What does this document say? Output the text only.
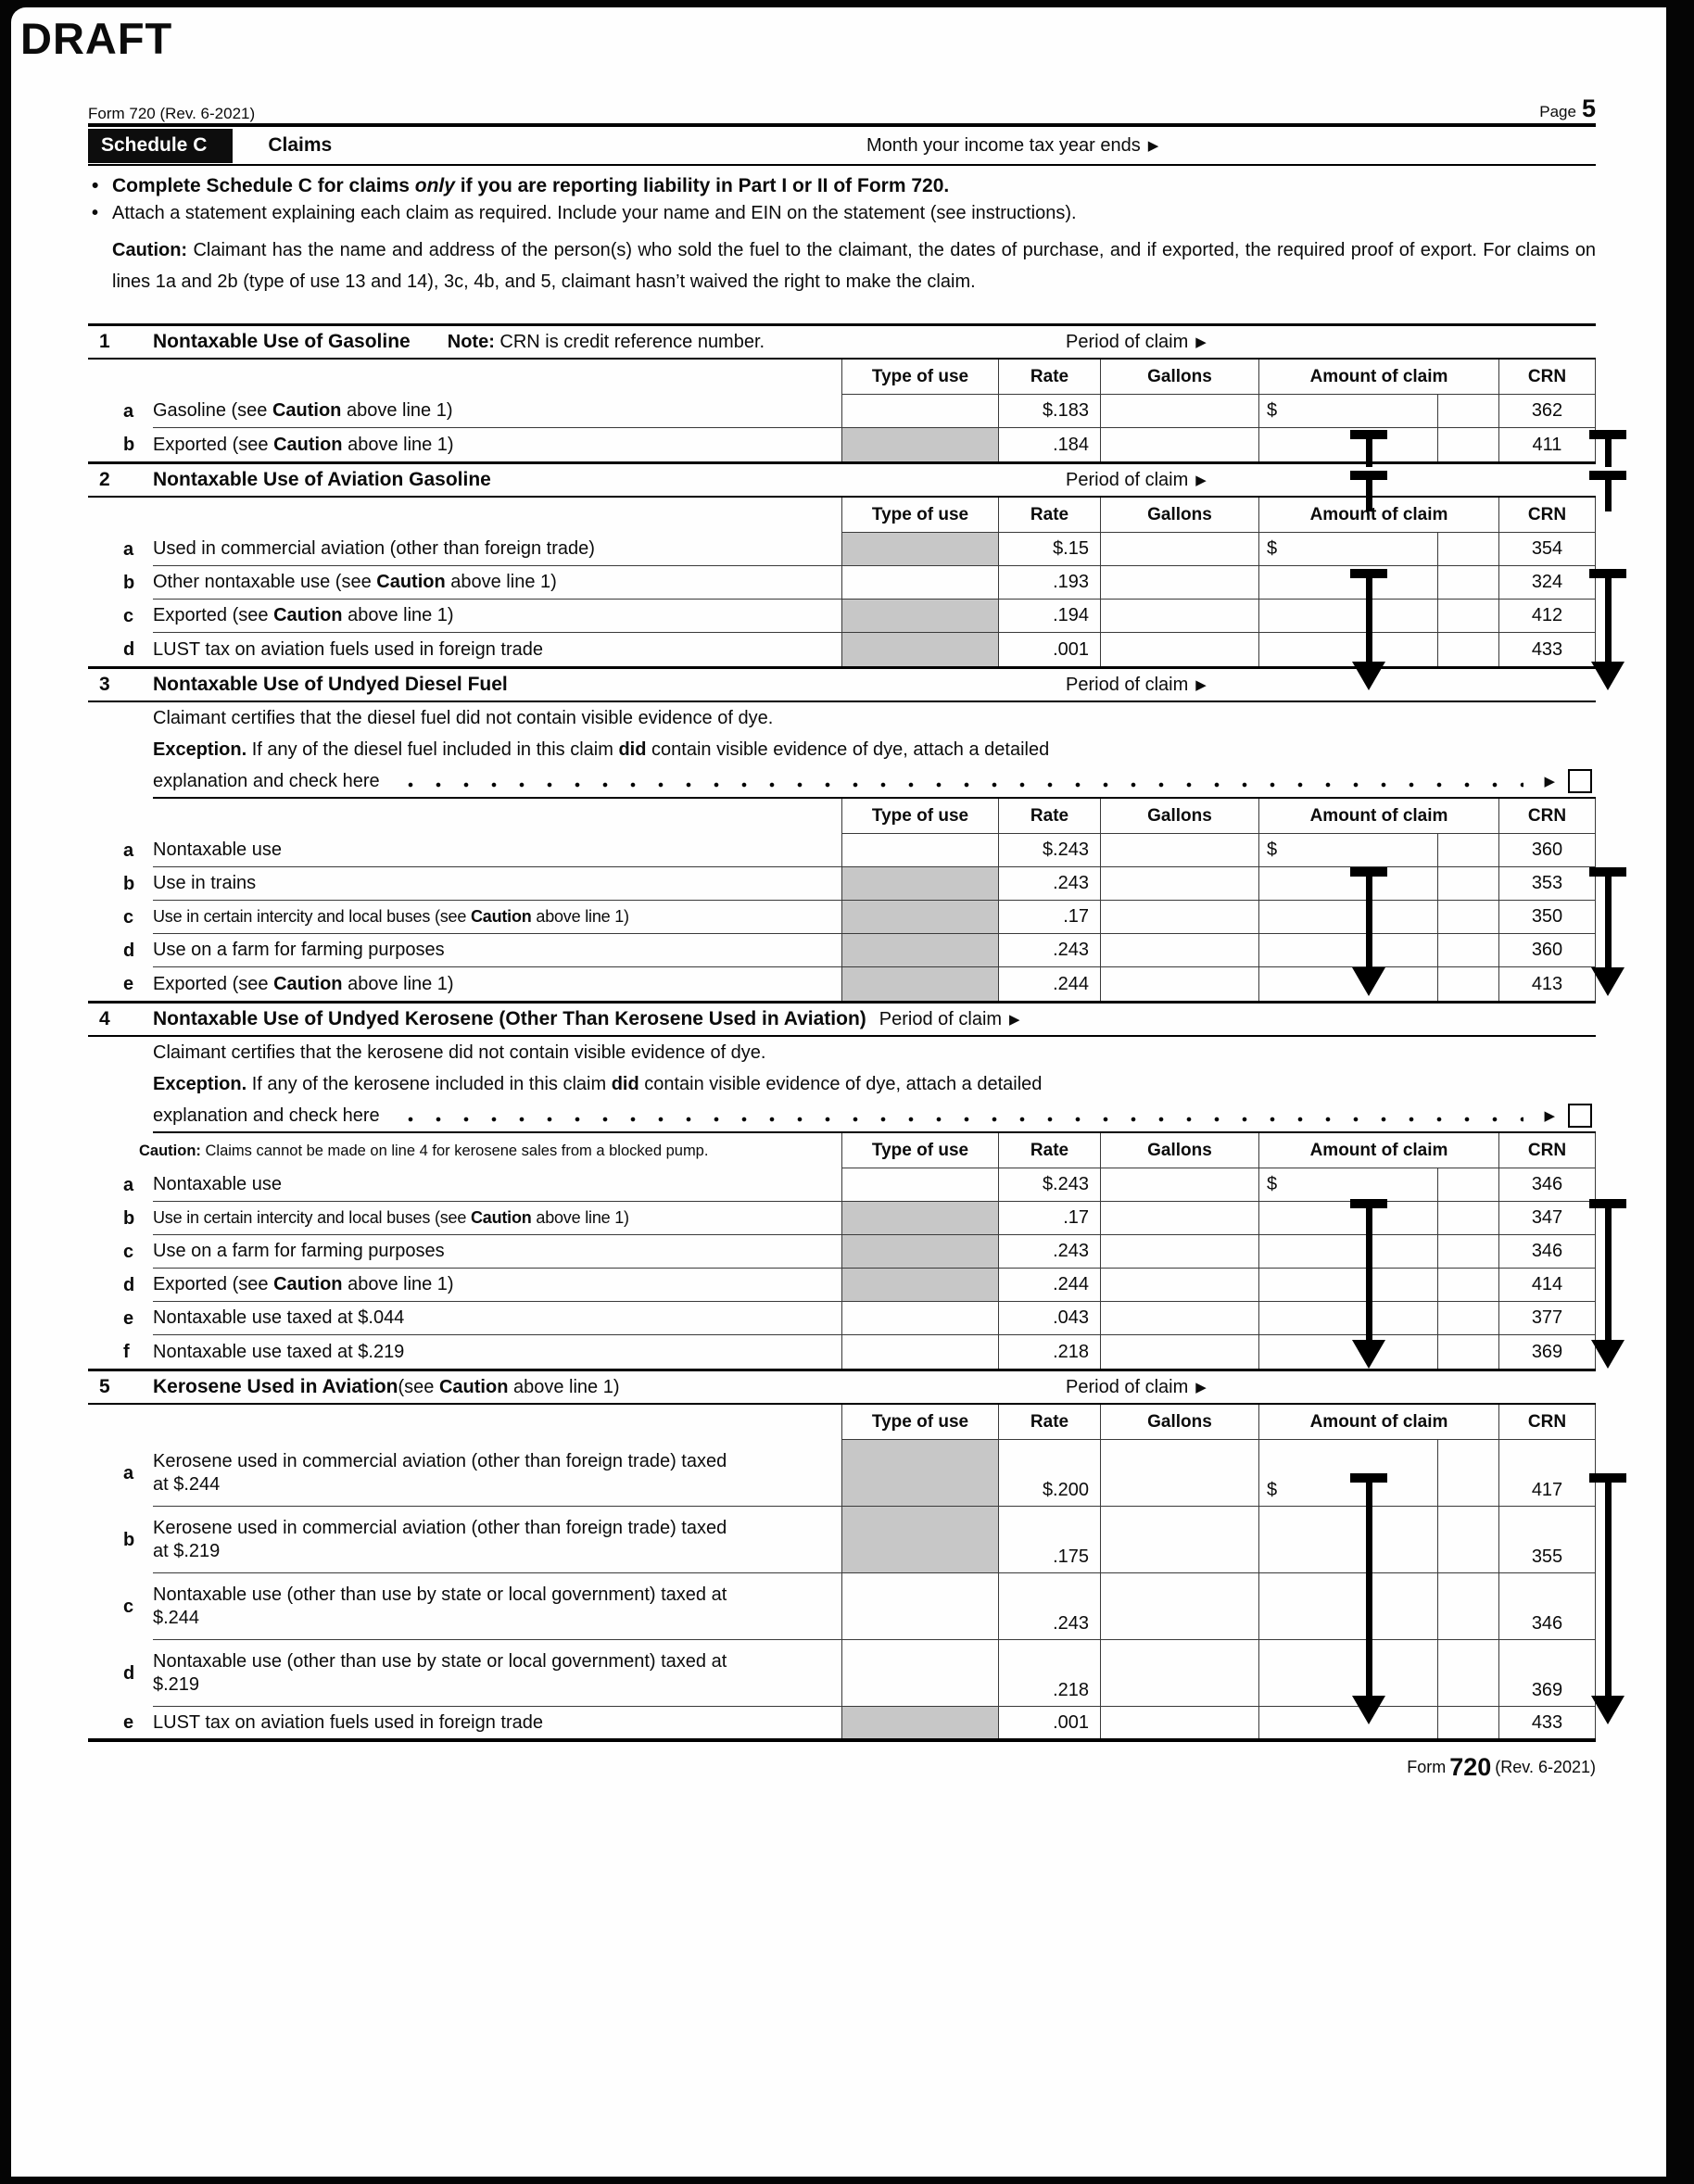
DRAFT
Form 720 (Rev. 6-2021)	Page 5
Schedule C	Claims	Month your income tax year ends ▶
• Complete Schedule C for claims only if you are reporting liability in Part I or II of Form 720.
• Attach a statement explaining each claim as required. Include your name and EIN on the statement (see instructions).
Caution: Claimant has the name and address of the person(s) who sold the fuel to the claimant, the dates of purchase, and if exported, the required proof of export. For claims on lines 1a and 2b (type of use 13 and 14), 3c, 4b, and 5, claimant hasn’t waived the right to make the claim.
1	Nontaxable Use of Gasoline Note: CRN is credit reference number.	Period of claim ▶
Type of use	Rate	Gallons	Amount of claim	CRN
a	Gasoline (see Caution above line 1)	$.183	$	362
b Exported (see Caution above line 1)	.184	411
2	Nontaxable Use of Aviation Gasoline	Period of claim ▶
Type of use	Rate	Gallons	Amount of claim	CRN
a	Used in commercial aviation (other than foreign trade)	$.15	$	354
b Other nontaxable use (see Caution above line 1)	.193	324
c	Exported (see Caution above line 1)	.194	412
d LUST tax on aviation fuels used in foreign trade	.001	433
3	Nontaxable Use of Undyed Diesel Fuel	Period of claim ▶
Claimant certifies that the diesel fuel did not contain visible evidence of dye.
Exception. If any of the diesel fuel included in this claim did contain visible evidence of dye, attach a detailed
explanation and check here	▶
Type of use	Rate	Gallons	Amount of claim	CRN
a	Nontaxable use	$.243	$	360
b Use in trains	.243	353
c	Use in certain intercity and local buses (see Caution above line 1)	.17	350
d Use on a farm for farming purposes	.243	360
e	Exported (see Caution above line 1)	.244	413
4	Nontaxable Use of Undyed Kerosene (Other Than Kerosene Used in Aviation) Period of claim ▶
Claimant certifies that the kerosene did not contain visible evidence of dye.
Exception. If any of the kerosene included in this claim did contain visible evidence of dye, attach a detailed
explanation and check here	▶
Caution: Claims cannot be made on line 4 for kerosene sales from a blocked pump.	Type of use	Rate	Gallons	Amount of claim	CRN
a	Nontaxable use	$.243	$	346
b	Use in certain intercity and local buses (see Caution above line 1)	.17	347
c	Use on a farm for farming purposes	.243	346
d Exported (see Caution above line 1)	.244	414
e	Nontaxable use taxed at $.044	.043	377
f	Nontaxable use taxed at $.219	.218	369
5	Kerosene Used in Aviation (see Caution above line 1)	Period of claim ▶
Type of use	Rate	Gallons	Amount of claim	CRN
a
Kerosene used in commercial aviation (other than foreign trade) taxed at $.244	$.200	$	417
b
Kerosene used in commercial aviation (other than foreign trade) taxed at $.219	.175	355
c
Nontaxable use (other than use by state or local government) taxed at $.244	.243	346
d
Nontaxable use (other than use by state or local government) taxed at $.219	.218	369
e	LUST tax on aviation fuels used in foreign trade	.001	433
Form 720 (Rev. 6-2021)
